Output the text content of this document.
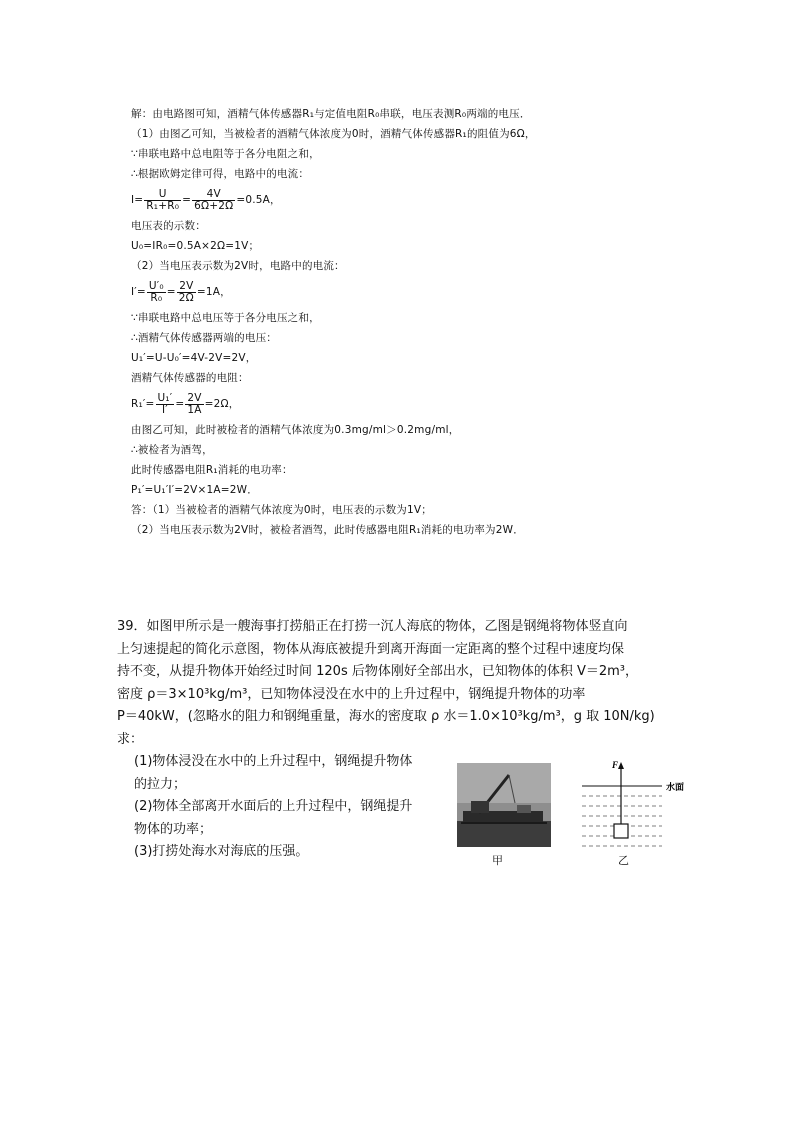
解：由电路图可知，酒精气体传感器R₁与定值电阻R₀串联，电压表测R₀两端的电压．
（1）由图乙可知，当被检者的酒精气体浓度为0时，酒精气体传感器R₁的阻值为6Ω，
∵串联电路中总电阻等于各分电阻之和，
∴根据欧姆定律可得，电路中的电流：
$I= \frac{U}{\text{R₁+R₀}} = \frac{4V}{6\Omega+2\Omega} =0.5A$，
电压表的示数：
U₀=IR₀=0.5A×2Ω=1V；
（2）当电压表示数为2V时，电路中的电流：
$I'= \frac{\text{U′₀}}{\text{R₀}} = \frac{2V}{2\Omega} =1A$，
∵串联电路中总电压等于各分电压之和，
∴酒精气体传感器两端的电压：
U₁′=U-U₀′=4V-2V=2V，
酒精气体传感器的电阻：
$R_1'= \frac{\text{U₁′}}{I'} = \frac{2V}{1A} =2\Omega$，
由图乙可知，此时被检者的酒精气体浓度为0.3mg/ml＞0.2mg/ml，
∴被检者为酒驾，
此时传感器电阻R₁消耗的电功率：
P₁′=U₁′I′=2V×1A=2W．
答：（1）当被检者的酒精气体浓度为0时，电压表的示数为1V；
（2）当电压表示数为2V时，被检者酒驾，此时传感器电阻R₁消耗的电功率为2W．
39．如图甲所示是一艘海事打捞船正在打捞一沉人海底的物体，乙图是钢绳将物体竖直向
上匀速提起的简化示意图，物体从海底被提升到离开海面一定距离的整个过程中速度均保
持不变，从提升物体开始经过时间 120s 后物体刚好全部出水，已知物体的体积 V＝2m³，
密度 ρ＝3×10³kg/m³，已知物体浸没在水中的上升过程中，钢绳提升物体的功率
P＝40kW，(忽略水的阻力和钢绳重量，海水的密度取 ρ 水＝1.0×10³kg/m³，g 取 10N/kg)
求：
(1)物体浸没在水中的上升过程中，钢绳提升物体
的拉力；
(2)物体全部离开水面后的上升过程中，钢绳提升
物体的功率；
(3)打捞处海水对海底的压强。
甲
F
水面
乙
